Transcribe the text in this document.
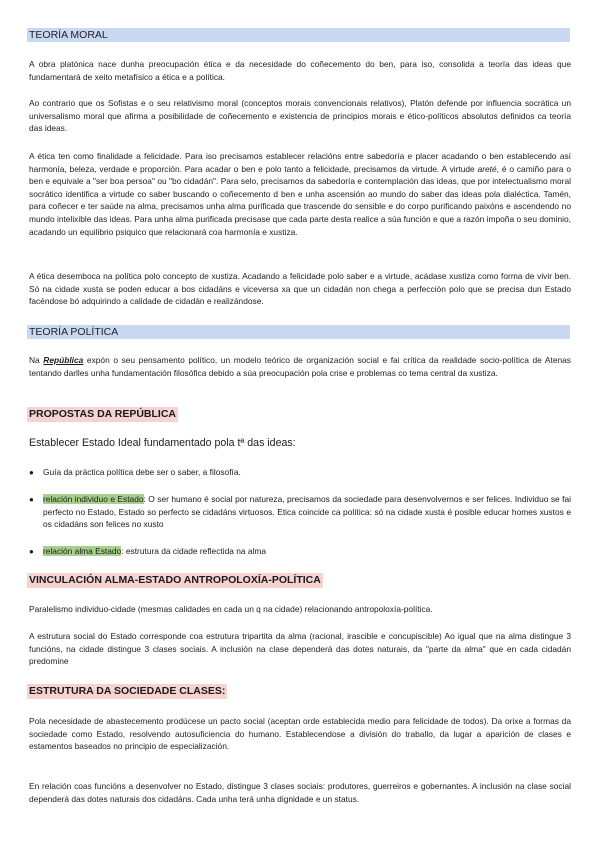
TEORÍA MORAL

A obra platónica nace dunha preocupación ética e da necesidade do coñecemento do ben, para iso, consolida a teoría das ideas que fundamentará de xeito metafísico a ética e a política.

Ao contrario que os Sofistas e o seu relativismo moral (conceptos morais convencionais relativos), Platón defende por influencia socrática un universalismo moral que afirma a posibilidade de coñecemento e existencia de principios morais e ético-políticos absolutos definidos ca teoría das ideas.

A ética ten como finalidade a felicidade. Para iso precisamos establecer relacións entre sabedoría e placer acadando o ben establecendo así harmonía, beleza, verdade e proporción. Para acadar o ben e polo tanto a felicidade, precisamos da virtude. A virtude areté, é o camiño para o ben e equivale a "ser boa persoa" ou "bo cidadán". Para selo, precisamos da sabedoría e contemplación das ideas, que por intelectualismo moral socrático identifica a virtude co saber buscando o coñecemento d ben e unha ascensión ao mundo do saber das ideas pola dialéctica. Tamén, para coñecer e ter saúde na alma, precisamos unha alma purificada que trascende do sensible e do corpo purificando paixóns e ascendendo no mundo intelixible das ideas. Para unha alma purificada precisase que cada parte desta realice a súa función e que a razón impoña o seu dominio, acadando un equilibrio psiquico que relacionará coa harmonía e xustiza.

A ética desemboca na política polo concepto de xustiza. Acadando a felicidade polo saber e a virtude, acádase xustiza como forma de vivir ben. Só na cidade xusta se poden educar a bos cidadáns e viceversa xa que un cidadán non chega a perfección polo que se precisa dun Estado facéndose bó adquirindo a calidade de cidadán e realizándose.

TEORÍA POLÍTICA

Na República expón o seu pensamento político, un modelo teórico de organización social e fai crítica da realidade socio-política de Atenas tentando darlles unha fundamentación filosófica debido a súa preocupación pola crise e problemas co tema central da xustiza.

PROPOSTAS DA REPÚBLICA
Establecer Estado Ideal fundamentado pola tª das ideas:
● Guía da práctica política debe ser o saber, a filosofía.

● relación individuo e Estado: O ser humano é social por natureza, precisamos da sociedade para desenvolvernos e ser felices. Individuo se fai perfecto no Estado, Estado so perfecto se cidadáns virtuosos. Etica coincide ca política: só na cidade xusta é posible educar homes xustos e os cidadáns son felices no xusto

● relación alma Estado: estrutura da cidade reflectida na alma

VINCULACIÓN ALMA-ESTADO ANTROPOLOXÍA-POLÍTICA

Paralelismo individuo-cidade (mesmas calidades en cada un q na cidade) relacionando antropoloxía-política.

A estrutura social do Estado corresponde coa estrutura tripartita da alma (racional, irascible e concupiscible) Ao igual que na alma distingue 3 funcións, na cidade distingue 3 clases sociais. A inclusión na clase dependerá das dotes naturais, da "parte da alma" que en cada cidadán predomine

ESTRUTURA DA SOCIEDADE CLASES:

Pola necesidade de abastecemento prodúcese un pacto social (aceptan orde establecida medio para felicidade de todos). Da orixe a formas da sociedade como Estado, resolvendo autosuficiencia do humano. Establecendose a división do traballo, da lugar a aparición de clases e estamentos baseados no principio de especialización.

En relación coas funcións a desenvolver no Estado, distingue 3 clases sociais: produtores, guerreiros e gobernantes. A inclusión na clase social dependerá das dotes naturais dos cidadáns. Cada unha terá unha dignidade e un status.
